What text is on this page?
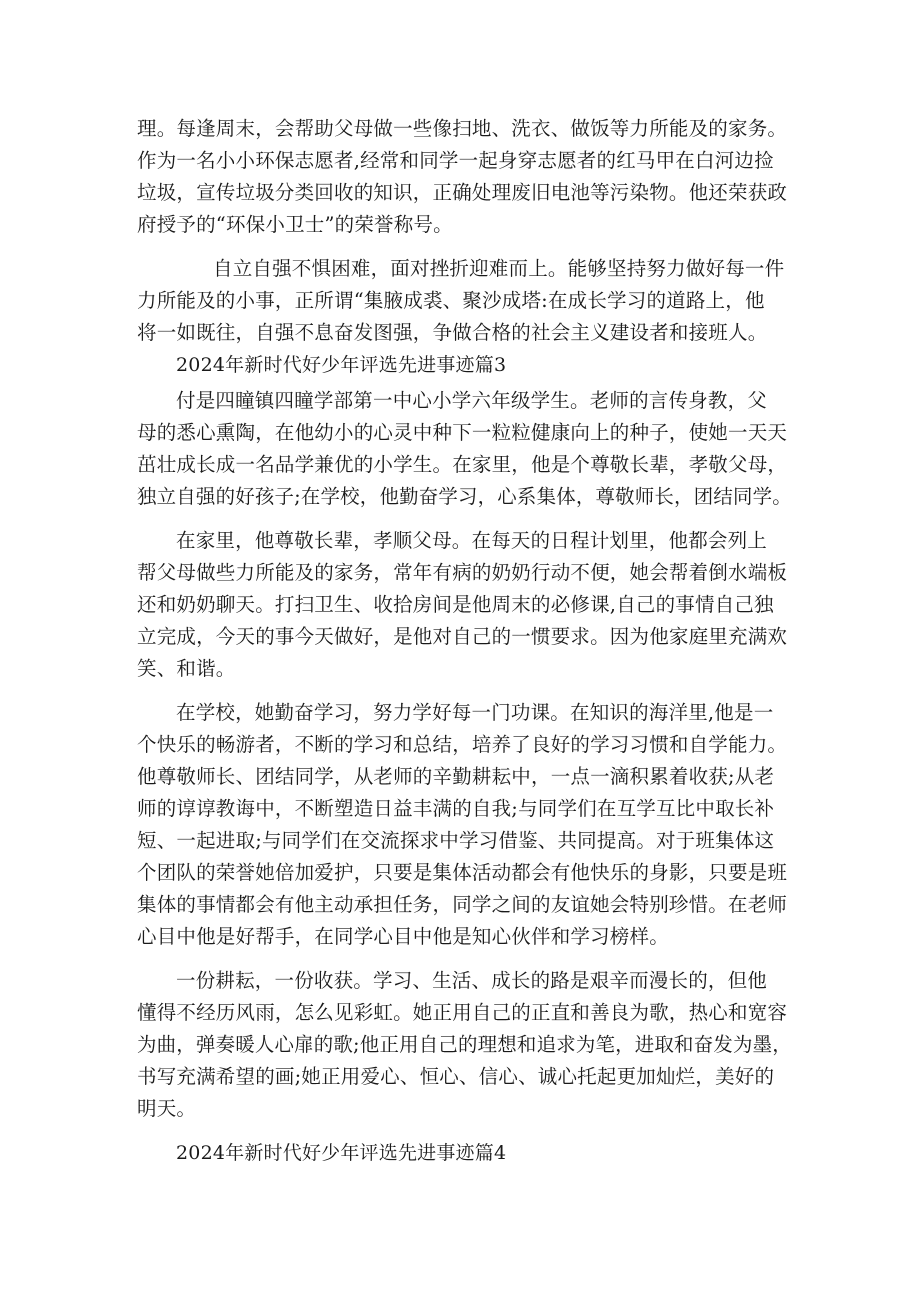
理。每逢周末，会帮助父母做一些像扫地、洗衣、做饭等力所能及的家务。
作为一名小小环保志愿者,经常和同学一起身穿志愿者的红马甲在白河边捡
垃圾，宣传垃圾分类回收的知识，正确处理废旧电池等污染物。他还荣获政
府授予的“环保小卫士”的荣誉称号。
自立自强不惧困难，面对挫折迎难而上。能够坚持努力做好每一件
力所能及的小事，正所谓“集腋成裘、聚沙成塔:在成长学习的道路上，他
将一如既往，自强不息奋发图强，争做合格的社会主义建设者和接班人。
2024年新时代好少年评选先进事迹篇3
付是四瞳镇四瞳学部第一中心小学六年级学生。老师的言传身教，父
母的悉心熏陶，在他幼小的心灵中种下一粒粒健康向上的种子，使她一天天
茁壮成长成一名品学兼优的小学生。在家里，他是个尊敬长辈，孝敬父母，
独立自强的好孩子;在学校，他勤奋学习，心系集体，尊敬师长，团结同学。
在家里，他尊敬长辈，孝顺父母。在每天的日程计划里，他都会列上
帮父母做些力所能及的家务，常年有病的奶奶行动不便，她会帮着倒水端板
还和奶奶聊天。打扫卫生、收拾房间是他周末的必修课,自己的事情自己独
立完成，今天的事今天做好，是他对自己的一惯要求。因为他家庭里充满欢
笑、和谐。
在学校，她勤奋学习，努力学好每一门功课。在知识的海洋里,他是一
个快乐的畅游者，不断的学习和总结，培养了良好的学习习惯和自学能力。
他尊敬师长、团结同学，从老师的辛勤耕耘中，一点一滴积累着收获;从老
师的谆谆教诲中，不断塑造日益丰满的自我;与同学们在互学互比中取长补
短、一起进取;与同学们在交流探求中学习借鉴、共同提高。对于班集体这
个团队的荣誉她倍加爱护，只要是集体活动都会有他快乐的身影，只要是班
集体的事情都会有他主动承担任务，同学之间的友谊她会特别珍惜。在老师
心目中他是好帮手，在同学心目中他是知心伙伴和学习榜样。
一份耕耘，一份收获。学习、生活、成长的路是艰辛而漫长的，但他
懂得不经历风雨，怎么见彩虹。她正用自己的正直和善良为歌，热心和宽容
为曲，弹奏暖人心扉的歌;他正用自己的理想和追求为笔，进取和奋发为墨，
书写充满希望的画;她正用爱心、恒心、信心、诚心托起更加灿烂，美好的
明天。
2024年新时代好少年评选先进事迹篇4
